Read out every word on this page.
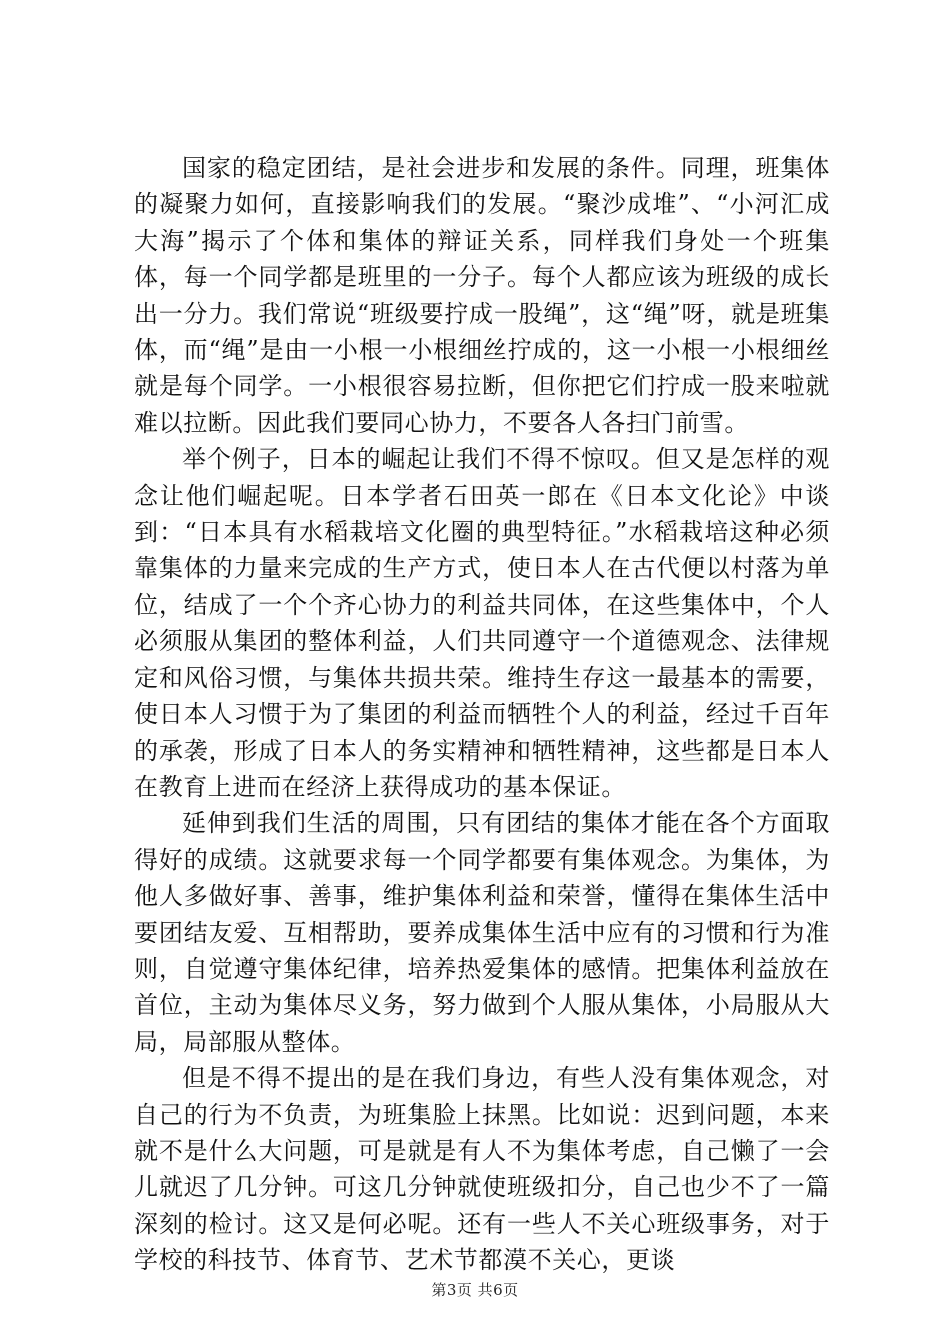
国家的稳定团结，是社会进步和发展的条件。同理，班集体的凝聚力如何，直接影响我们的发展。“聚沙成堆”、“小河汇成大海”揭示了个体和集体的辩证关系，同样我们身处一个班集体，每一个同学都是班里的一分子。每个人都应该为班级的成长出一分力。我们常说“班级要拧成一股绳”，这“绳”呀，就是班集体，而“绳”是由一小根一小根细丝拧成的，这一小根一小根细丝就是每个同学。一小根很容易拉断，但你把它们拧成一股来啦就难以拉断。因此我们要同心协力，不要各人各扫门前雪。

举个例子，日本的崛起让我们不得不惊叹。但又是怎样的观念让他们崛起呢。日本学者石田英一郎在《日本文化论》中谈到：“日本具有水稻栽培文化圈的典型特征。”水稻栽培这种必须靠集体的力量来完成的生产方式，使日本人在古代便以村落为单位，结成了一个个齐心协力的利益共同体，在这些集体中，个人必须服从集团的整体利益，人们共同遵守一个道德观念、法律规定和风俗习惯，与集体共损共荣。维持生存这一最基本的需要，使日本人习惯于为了集团的利益而牺牲个人的利益，经过千百年的承袭，形成了日本人的务实精神和牺牲精神，这些都是日本人在教育上进而在经济上获得成功的基本保证。

延伸到我们生活的周围，只有团结的集体才能在各个方面取得好的成绩。这就要求每一个同学都要有集体观念。为集体，为他人多做好事、善事，维护集体利益和荣誉，懂得在集体生活中要团结友爱、互相帮助，要养成集体生活中应有的习惯和行为准则，自觉遵守集体纪律，培养热爱集体的感情。把集体利益放在首位，主动为集体尽义务，努力做到个人服从集体，小局服从大局，局部服从整体。

但是不得不提出的是在我们身边，有些人没有集体观念，对自己的行为不负责，为班集脸上抹黑。比如说：迟到问题，本来就不是什么大问题，可是就是有人不为集体考虑，自己懒了一会儿就迟了几分钟。可这几分钟就使班级扣分，自己也少不了一篇深刻的检讨。这又是何必呢。还有一些人不关心班级事务，对于学校的科技节、体育节、艺术节都漠不关心，更谈

第3页 共6页
